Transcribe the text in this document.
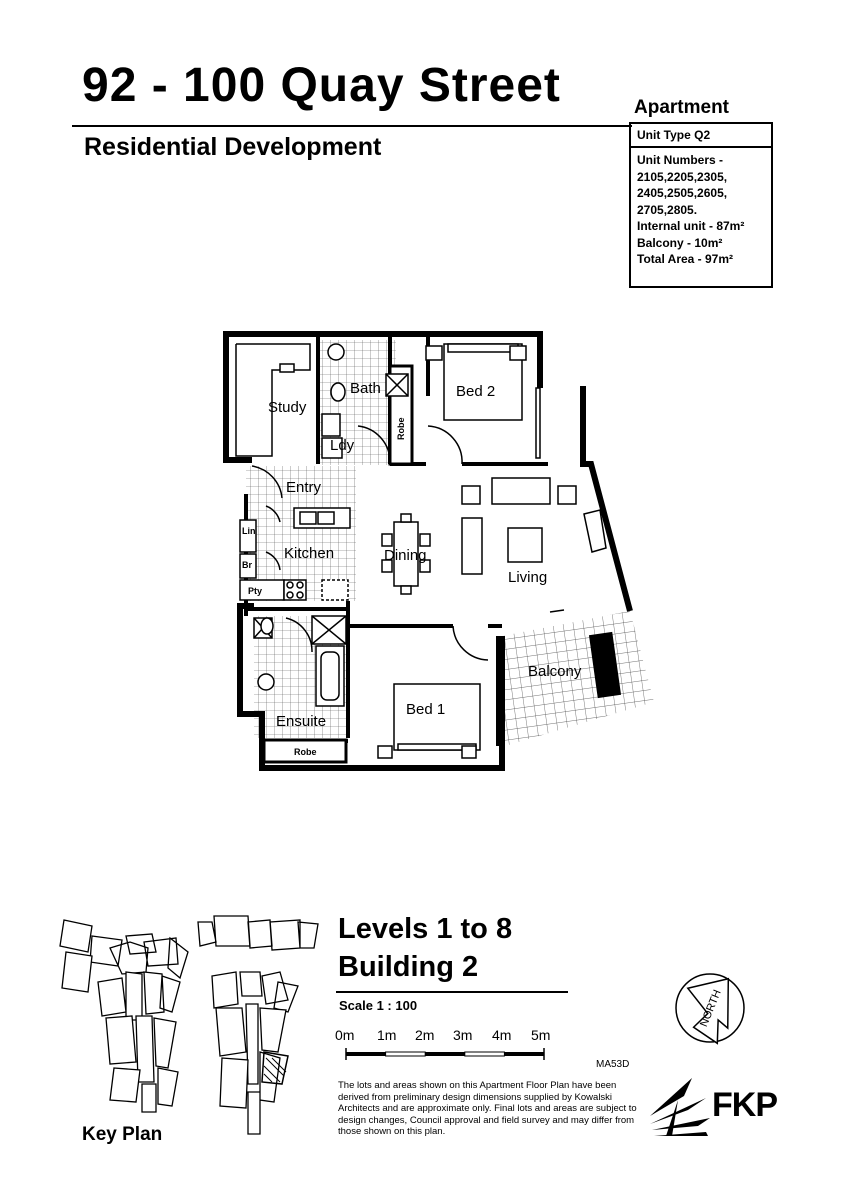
92 - 100 Quay Street
Residential Development
Apartment
Unit Type Q2
Unit Numbers -
2105,2205,2305,
2405,2505,2605,
2705,2805.
Internal unit - 87m²
Balcony - 10m²
Total Area - 97m²
Study
Bath
Ldy
Robe
Bed 2
Entry
Lin
Br
Pty
Kitchen	Dining
Living
Balcony
Ensuite
Robe
Bed 1
Key Plan
Levels 1 to 8
Building 2
Scale 1 : 100
0m 1m 2m 3m 4m 5m
MA53D
The lots and areas shown on this Apartment Floor Plan have been derived from preliminary design dimensions supplied by Kowalski Architects and are approximate only. Final lots and areas are subject to design changes, Council approval and field survey and may differ from those shown on this plan.
NORTH
FKP
